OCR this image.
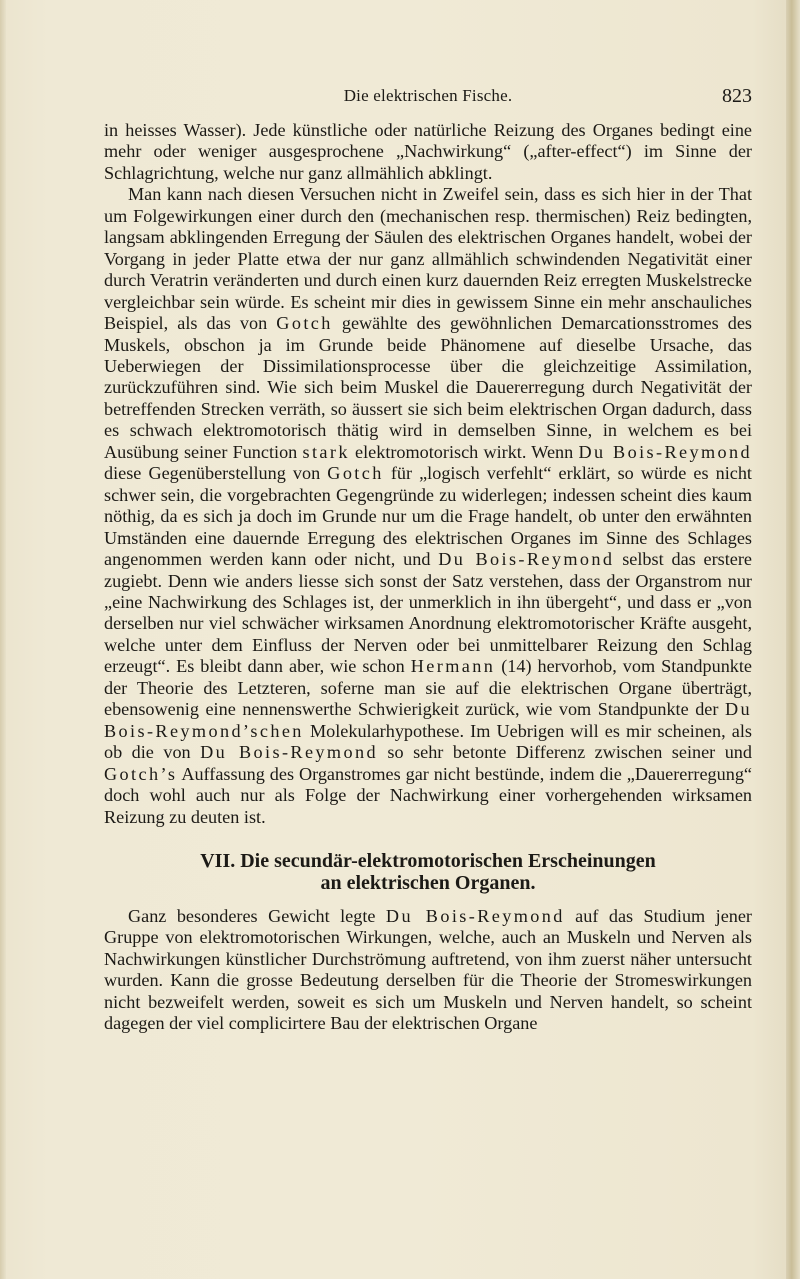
Die elektrischen Fische.	823

in heisses Wasser). Jede künstliche oder natürliche Reizung des Organes bedingt eine mehr oder weniger ausgesprochene „Nachwirkung“ („after-effect“) im Sinne der Schlagrichtung, welche nur ganz allmählich abklingt.

Man kann nach diesen Versuchen nicht in Zweifel sein, dass es sich hier in der That um Folgewirkungen einer durch den (mechanischen resp. thermischen) Reiz bedingten, langsam abklingenden Erregung der Säulen des elektrischen Organes handelt, wobei der Vorgang in jeder Platte etwa der nur ganz allmählich schwindenden Negativität einer durch Veratrin veränderten und durch einen kurz dauernden Reiz erregten Muskelstrecke vergleichbar sein würde. Es scheint mir dies in gewissem Sinne ein mehr anschauliches Beispiel, als das von Gotch gewählte des gewöhnlichen Demarcationsstromes des Muskels, obschon ja im Grunde beide Phänomene auf dieselbe Ursache, das Ueberwiegen der Dissimilationsprocesse über die gleichzeitige Assimilation, zurückzuführen sind. Wie sich beim Muskel die Dauererregung durch Negativität der betreffenden Strecken verräth, so äussert sie sich beim elektrischen Organ dadurch, dass es schwach elektromotorisch thätig wird in demselben Sinne, in welchem es bei Ausübung seiner Function stark elektromotorisch wirkt. Wenn Du Bois-Reymond diese Gegenüberstellung von Gotch für „logisch verfehlt“ erklärt, so würde es nicht schwer sein, die vorgebrachten Gegengründe zu widerlegen; indessen scheint dies kaum nöthig, da es sich ja doch im Grunde nur um die Frage handelt, ob unter den erwähnten Umständen eine dauernde Erregung des elektrischen Organes im Sinne des Schlages angenommen werden kann oder nicht, und Du Bois-Reymond selbst das erstere zugiebt. Denn wie anders liesse sich sonst der Satz verstehen, dass der Organstrom nur „eine Nachwirkung des Schlages ist, der unmerklich in ihn übergeht“, und dass er „von derselben nur viel schwächer wirksamen Anordnung elektromotorischer Kräfte ausgeht, welche unter dem Einfluss der Nerven oder bei unmittelbarer Reizung den Schlag erzeugt“. Es bleibt dann aber, wie schon Hermann (14) hervorhob, vom Standpunkte der Theorie des Letzteren, soferne man sie auf die elektrischen Organe überträgt, ebensowenig eine nennenswerthe Schwierigkeit zurück, wie vom Standpunkte der Du Bois-Reymond’schen Molekularhypothese. Im Uebrigen will es mir scheinen, als ob die von Du Bois-Reymond so sehr betonte Differenz zwischen seiner und Gotch’s Auffassung des Organstromes gar nicht bestünde, indem die „Dauererregung“ doch wohl auch nur als Folge der Nachwirkung einer vorhergehenden wirksamen Reizung zu deuten ist.

VII. Die secundär-elektromotorischen Erscheinungen
an elektrischen Organen.

Ganz besonderes Gewicht legte Du Bois-Reymond auf das Studium jener Gruppe von elektromotorischen Wirkungen, welche, auch an Muskeln und Nerven als Nachwirkungen künstlicher Durchströmung auftretend, von ihm zuerst näher untersucht wurden. Kann die grosse Bedeutung derselben für die Theorie der Stromeswirkungen nicht bezweifelt werden, soweit es sich um Muskeln und Nerven handelt, so scheint dagegen der viel complicirtere Bau der elektrischen Organe
